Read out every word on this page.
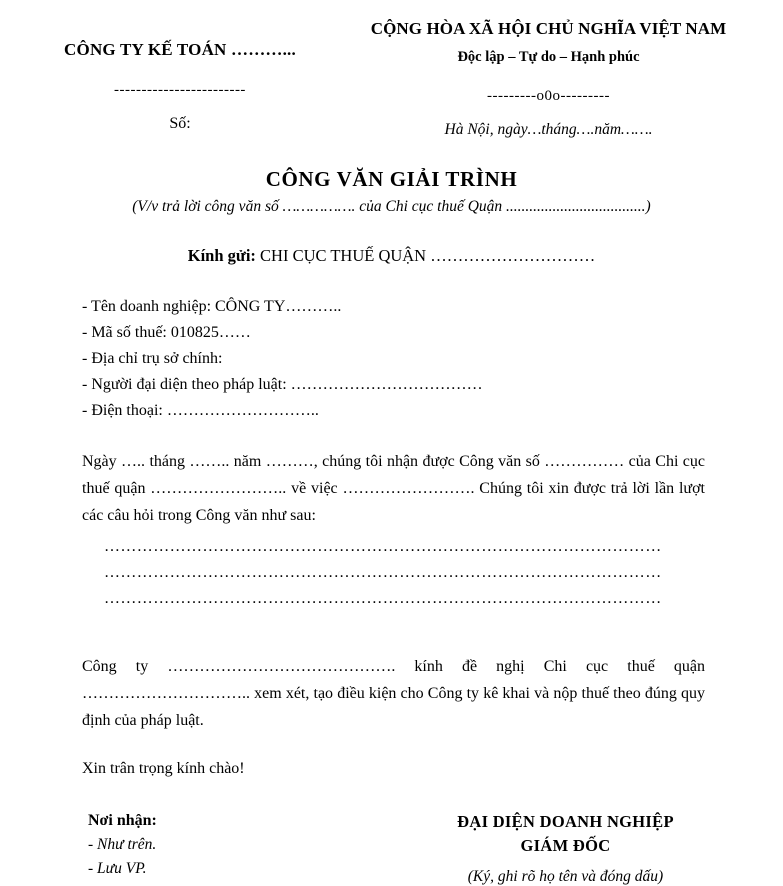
CÔNG TY KẾ TOÁN ………...
------------------------
Số:
CỘNG HÒA XÃ HỘI CHỦ NGHĨA VIỆT NAM
Độc lập – Tự do – Hạnh phúc
---------o0o---------
Hà Nội, ngày…tháng….năm…….
CÔNG VĂN GIẢI TRÌNH
(V/v trả lời công văn số ……………. của Chi cục thuế Quận ....................................)
Kính gửi: CHI CỤC THUẾ QUẬN …………………………
- Tên doanh nghiệp: CÔNG TY………..
- Mã số thuế: 010825……
- Địa chỉ trụ sở chính:
- Người đại diện theo pháp luật: ………………………………
- Điện thoại: ………………………..
Ngày ….. tháng …….. năm ………, chúng tôi nhận được Công văn số …………… của Chi cục thuế quận …………………….. về việc ……………………. Chúng tôi xin được trả lời lần lượt các câu hỏi trong Công văn như sau:
…………………………………………………………………………………………
…………………………………………………………………………………………
…………………………………………………………………………………………
Công ty ……………………………………. kính đề nghị Chi cục thuế quận
………………………….. xem xét, tạo điều kiện cho Công ty kê khai và nộp thuế theo đúng quy định của pháp luật.
Xin trân trọng kính chào!
Nơi nhận:
- Như trên.
- Lưu VP.
ĐẠI DIỆN DOANH NGHIỆP
GIÁM ĐỐC
(Ký, ghi rõ họ tên và đóng dấu)
